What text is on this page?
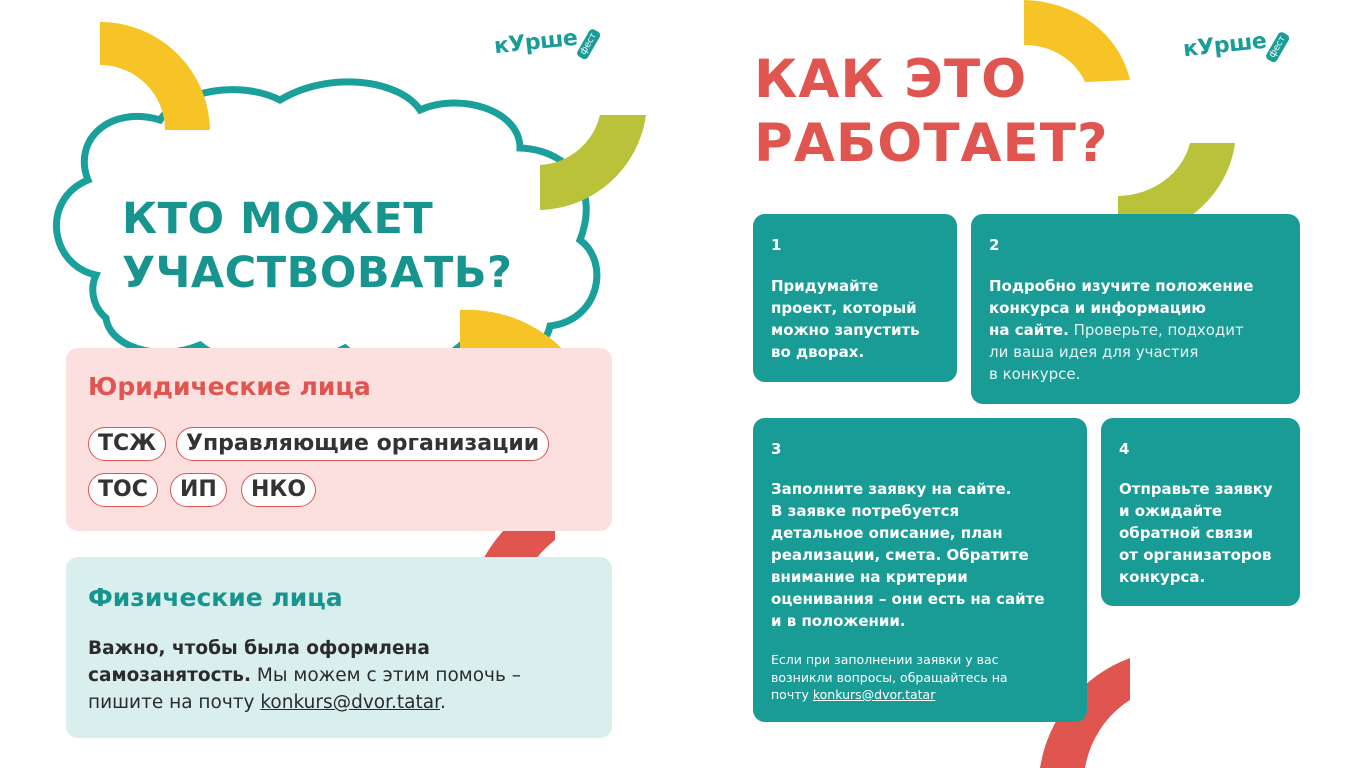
кУрше фест	кУрше фест
КТО МОЖЕТ
УЧАСТВОВАТЬ?
Юридические лица
ТСЖ	Управляющие организации
ТОС	ИП	НКО
Физические лица
Важно, чтобы была оформлена
самозанятость. Мы можем с этим помочь –
пишите на почту konkurs@dvor.tatar.
КАК ЭТО
РАБОТАЕТ?
1
Придумайте
проект, который
можно запустить
во дворах.
2
Подробно изучите положение
конкурса и информацию
на сайте. Проверьте, подходит
ли ваша идея для участия
в конкурсе.
3
Заполните заявку на сайте.
В заявке потребуется
детальное описание, план
реализации, смета. Обратите
внимание на критерии
оценивания – они есть на сайте
и в положении.
Если при заполнении заявки у вас
возникли вопросы, обращайтесь на
почту konkurs@dvor.tatar
4
Отправьте заявку
и ожидайте
обратной связи
от организаторов
конкурса.
